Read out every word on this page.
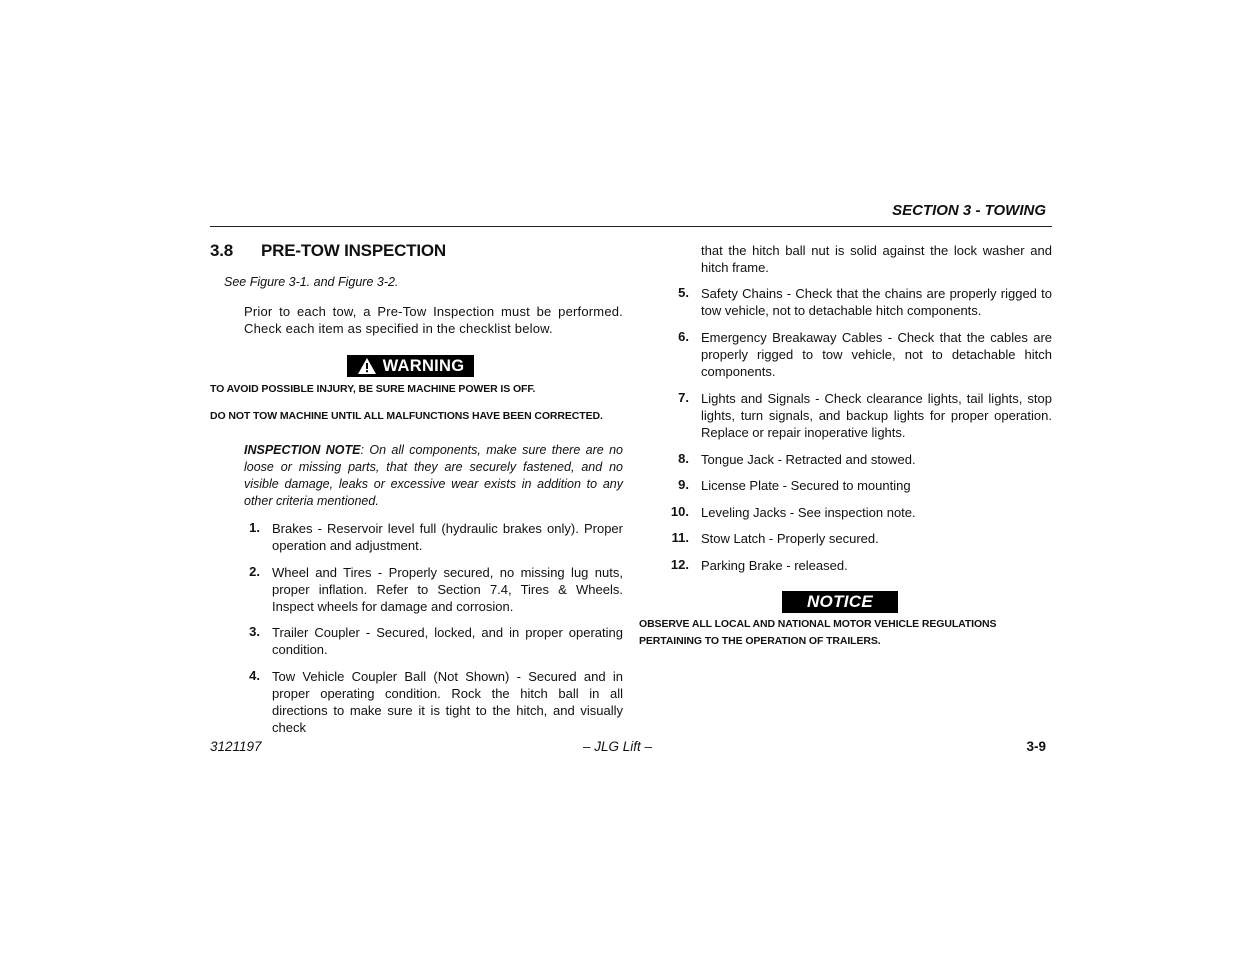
SECTION 3 - TOWING
3.8 PRE-TOW INSPECTION
See Figure 3-1. and Figure 3-2.
Prior to each tow, a Pre-Tow Inspection must be performed. Check each item as specified in the checklist below.
WARNING
TO AVOID POSSIBLE INJURY, BE SURE MACHINE POWER IS OFF.
DO NOT TOW MACHINE UNTIL ALL MALFUNCTIONS HAVE BEEN CORRECTED.
INSPECTION NOTE: On all components, make sure there are no loose or missing parts, that they are securely fastened, and no visible damage, leaks or excessive wear exists in addition to any other criteria mentioned.
1. Brakes - Reservoir level full (hydraulic brakes only). Proper operation and adjustment.
2. Wheel and Tires - Properly secured, no missing lug nuts, proper inflation. Refer to Section 7.4, Tires & Wheels. Inspect wheels for damage and corrosion.
3. Trailer Coupler - Secured, locked, and in proper operating condition.
4. Tow Vehicle Coupler Ball (Not Shown) - Secured and in proper operating condition. Rock the hitch ball in all directions to make sure it is tight to the hitch, and visually check
that the hitch ball nut is solid against the lock washer and hitch frame.
5. Safety Chains - Check that the chains are properly rigged to tow vehicle, not to detachable hitch components.
6. Emergency Breakaway Cables - Check that the cables are properly rigged to tow vehicle, not to detachable hitch components.
7. Lights and Signals - Check clearance lights, tail lights, stop lights, turn signals, and backup lights for proper operation. Replace or repair inoperative lights.
8. Tongue Jack - Retracted and stowed.
9. License Plate - Secured to mounting
10. Leveling Jacks - See inspection note.
11. Stow Latch - Properly secured.
12. Parking Brake - released.
NOTICE
OBSERVE ALL LOCAL AND NATIONAL MOTOR VEHICLE REGULATIONS PERTAINING TO THE OPERATION OF TRAILERS.
3121197	– JLG Lift –	3-9
